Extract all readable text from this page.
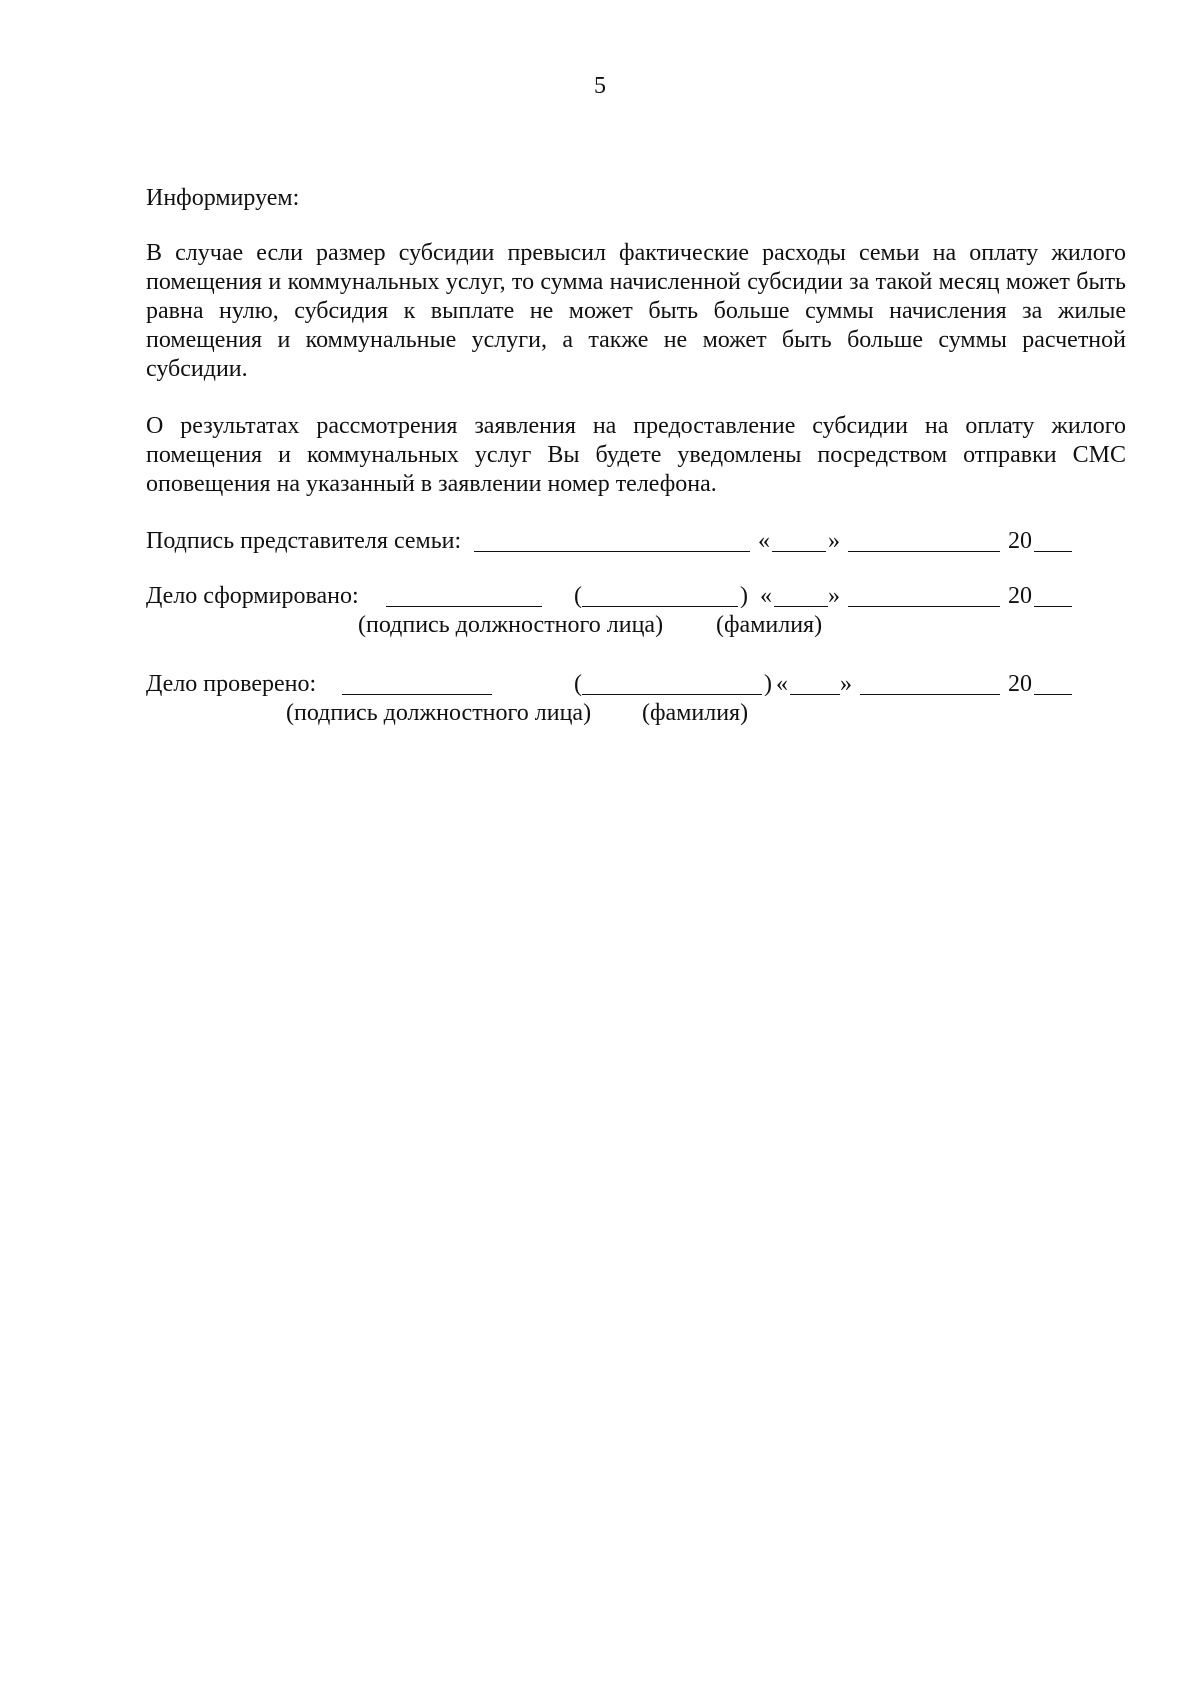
5

Информируем:

В случае если размер субсидии превысил фактические расходы семьи на оплату жилого помещения и коммунальных услуг, то сумма начисленной субсидии за такой месяц может быть равна нулю, субсидия к выплате не может быть больше суммы начисления за жилые помещения и коммунальные услуги, а также не может быть больше суммы расчетной субсидии.

О результатах рассмотрения заявления на предоставление субсидии на оплату жилого помещения и коммунальных услуг Вы будете уведомлены посредством отправки СМС оповещения на указанный в заявлении номер телефона.

Подпись представителя семьи:	« »	20
Дело сформировано:	(	) « »	20
(подпись должностного лица) (фамилия)
Дело проверено:	(	) « »	20
(подпись должностного лица) (фамилия)
